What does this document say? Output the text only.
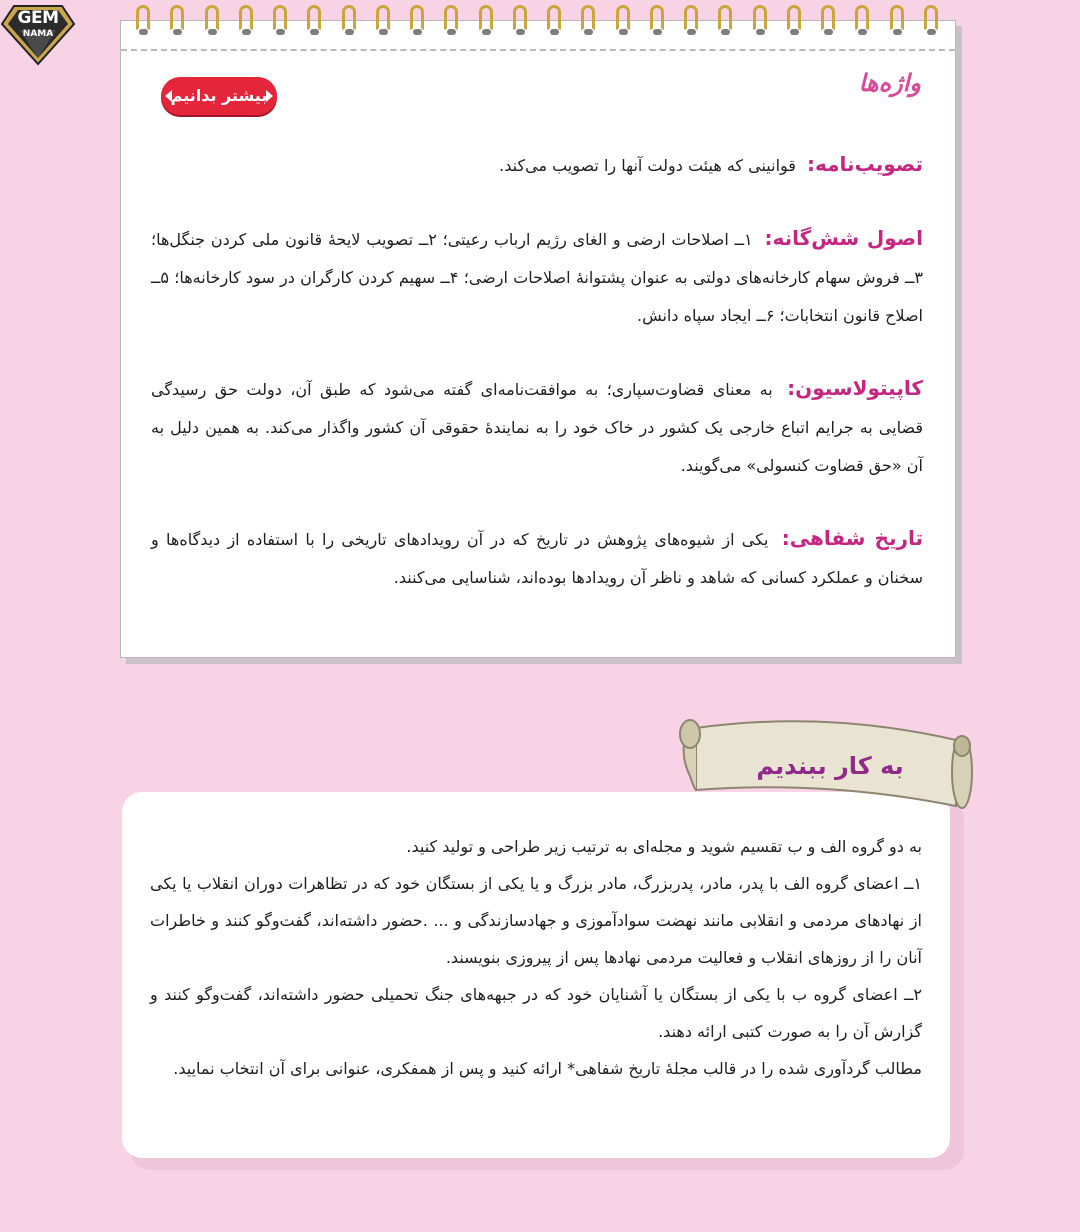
GEM
NAMA
بیشتر بدانیم	واژه‌ها
تصویب‌نامه: قوانینی که هیئت دولت آنها را تصویب می‌کند.
اصول شش‌گانه: ۱ــ اصلاحات ارضی و الغای رژیم ارباب رعیتی؛ ۲ــ تصویب لایحهٔ قانون ملی کردن جنگل‌ها؛ ۳ــ فروش سهام کارخانه‌های دولتی به عنوان پشتوانهٔ اصلاحات ارضی؛ ۴ــ سهیم کردن کارگران در سود کارخانه‌ها؛ ۵ــ اصلاح قانون انتخابات؛ ۶ــ ایجاد سپاه دانش.
کاپیتولاسیون: به معنای قضاوت‌سپاری؛ به موافقت‌نامه‌ای گفته می‌شود که طبق آن، دولت حق رسیدگی قضایی به جرایم اتباع خارجی یک کشور در خاک خود را به نمایندهٔ حقوقی آن کشور واگذار می‌کند. به همین دلیل به آن «حق قضاوت کنسولی» می‌گویند.
تاریخ شفاهی: یکی از شیوه‌های پژوهش در تاریخ که در آن رویدادهای تاریخی را با استفاده از دیدگاه‌ها و سخنان و عملکرد کسانی که شاهد و ناظر آن رویدادها بوده‌اند، شناسایی می‌کنند.

به دو گروه الف و ب تقسیم شوید و مجله‌ای به ترتیب زیر طراحی و تولید کنید.

۱ــ اعضای گروه الف با پدر، مادر، پدربزرگ، مادر بزرگ و یا یکی از بستگان خود که در تظاهرات دوران انقلاب یا یکی از نهادهای مردمی و انقلابی مانند نهضت سوادآموزی و جهادسازندگی و ... .حضور داشته‌اند، گفت‌وگو کنند و خاطرات آنان را از روزهای انقلاب و فعالیت مردمی نهادها پس از پیروزی بنویسند.

۲ــ اعضای گروه ب با یکی از بستگان یا آشنایان خود که در جبهه‌های جنگ تحمیلی حضور داشته‌اند، گفت‌وگو کنند و گزارش آن را به صورت کتبی ارائه دهند.

مطالب گردآوری شده را در قالب مجلهٔ تاریخ شفاهی* ارائه کنید و پس از همفکری، عنوانی برای آن انتخاب نمایید.

به کار ببندیم
